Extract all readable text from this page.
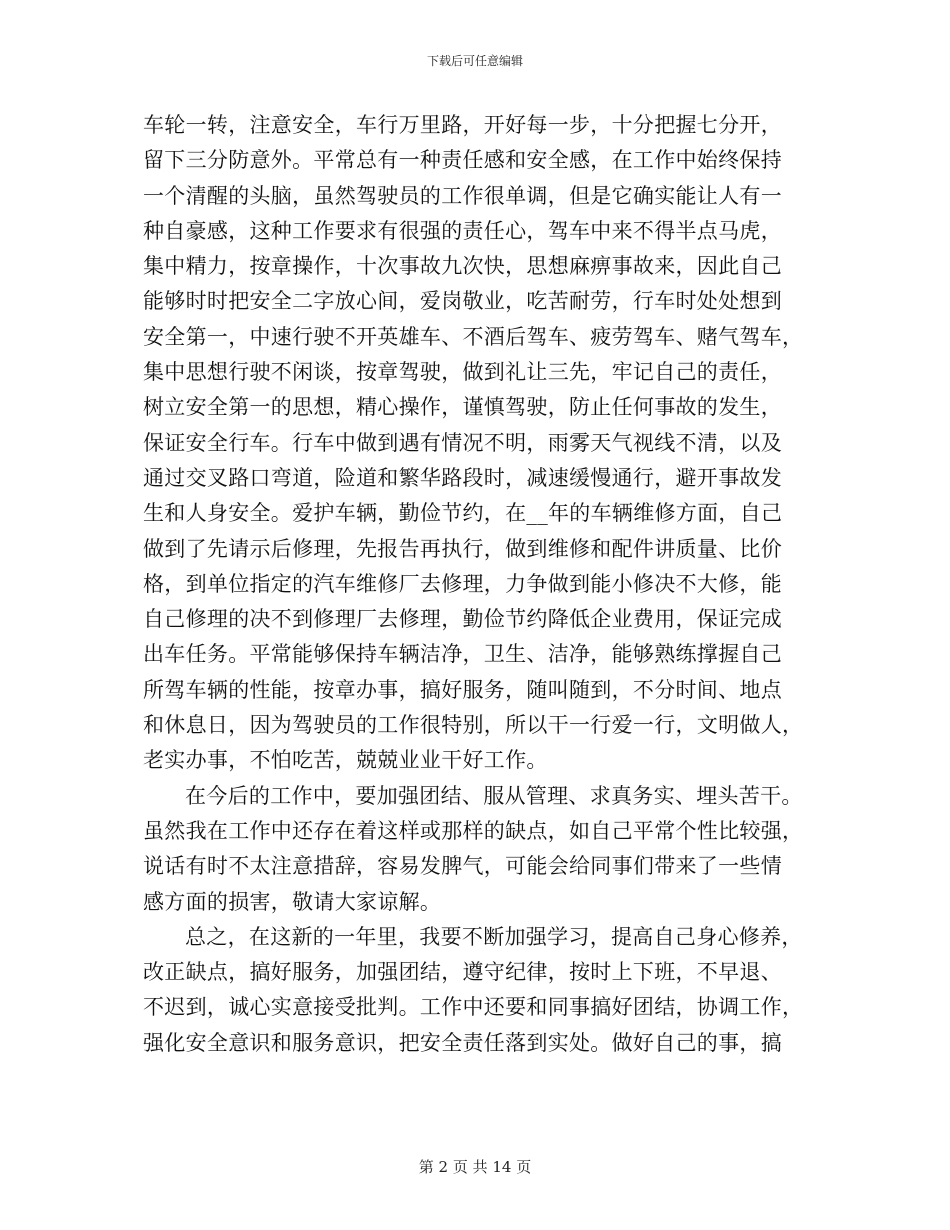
下载后可任意编辑
车轮一转，注意安全，车行万里路，开好每一步，十分把握七分开，
留下三分防意外。平常总有一种责任感和安全感，在工作中始终保持
一个清醒的头脑，虽然驾驶员的工作很单调，但是它确实能让人有一
种自豪感，这种工作要求有很强的责任心，驾车中来不得半点马虎，
集中精力，按章操作，十次事故九次快，思想麻痹事故来，因此自己
能够时时把安全二字放心间，爱岗敬业，吃苦耐劳，行车时处处想到
安全第一，中速行驶不开英雄车、不酒后驾车、疲劳驾车、赌气驾车，
集中思想行驶不闲谈，按章驾驶，做到礼让三先，牢记自己的责任，
树立安全第一的思想，精心操作，谨慎驾驶，防止任何事故的发生，
保证安全行车。行车中做到遇有情况不明，雨雾天气视线不清，以及
通过交叉路口弯道，险道和繁华路段时，减速缓慢通行，避开事故发
生和人身安全。爱护车辆，勤俭节约，在__年的车辆维修方面，自己
做到了先请示后修理，先报告再执行，做到维修和配件讲质量、比价
格，到单位指定的汽车维修厂去修理，力争做到能小修决不大修，能
自己修理的决不到修理厂去修理，勤俭节约降低企业费用，保证完成
出车任务。平常能够保持车辆洁净，卫生、洁净，能够熟练撑握自己
所驾车辆的性能，按章办事，搞好服务，随叫随到，不分时间、地点
和休息日，因为驾驶员的工作很特别，所以干一行爱一行，文明做人，
老实办事，不怕吃苦，兢兢业业干好工作。
在今后的工作中，要加强团结、服从管理、求真务实、埋头苦干。
虽然我在工作中还存在着这样或那样的缺点，如自己平常个性比较强，
说话有时不太注意措辞，容易发脾气，可能会给同事们带来了一些情
感方面的损害，敬请大家谅解。
总之，在这新的一年里，我要不断加强学习，提高自己身心修养，
改正缺点，搞好服务，加强团结，遵守纪律，按时上下班，不早退、
不迟到，诚心实意接受批判。工作中还要和同事搞好团结，协调工作，
强化安全意识和服务意识，把安全责任落到实处。做好自己的事，搞
第 2 页 共 14 页
